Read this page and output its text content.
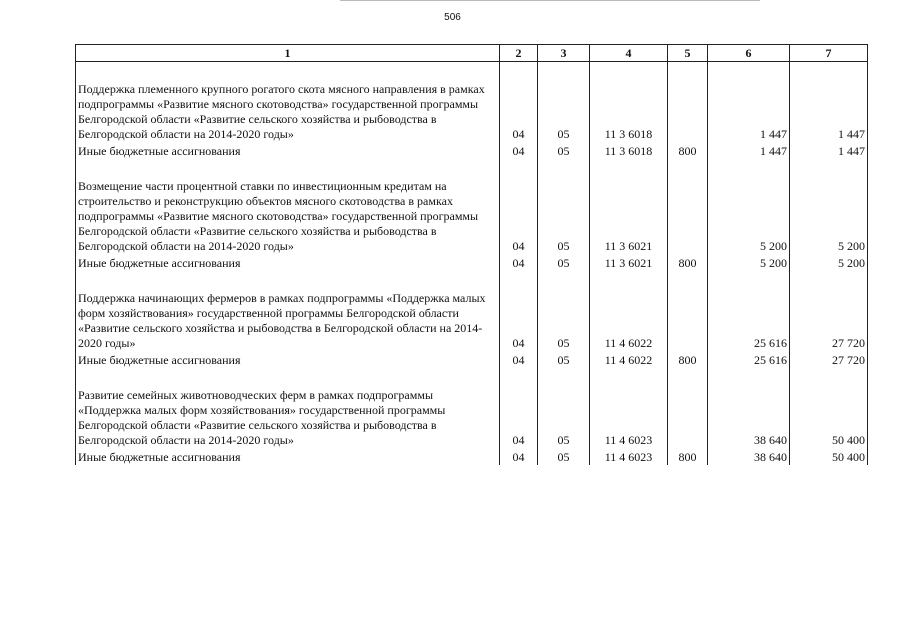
506
1	2	3	4	5	6	7
Поддержка племенного крупного рогатого скота мясного направления в рамках подпрограммы «Развитие мясного скотоводства» государственной программы Белгородской области «Развитие сельского хозяйства и рыбоводства в Белгородской области на 2014-2020 годы»	04	05	11 3 6018		1 447	1 447
Иные бюджетные ассигнования	04	05	11 3 6018	800	1 447	1 447
Возмещение части процентной ставки по инвестиционным кредитам на строительство и реконструкцию объектов мясного скотоводства в рамках подпрограммы «Развитие мясного скотоводства» государственной программы Белгородской области «Развитие сельского хозяйства и рыбоводства в Белгородской области на 2014-2020 годы»	04	05	11 3 6021		5 200	5 200
Иные бюджетные ассигнования	04	05	11 3 6021	800	5 200	5 200
Поддержка начинающих фермеров в рамках подпрограммы «Поддержка малых форм хозяйствования» государственной программы Белгородской области «Развитие сельского хозяйства и рыбоводства в Белгородской области на 2014-2020 годы»	04	05	11 4 6022		25 616	27 720
Иные бюджетные ассигнования	04	05	11 4 6022	800	25 616	27 720
Развитие семейных животноводческих ферм в рамках подпрограммы «Поддержка малых форм хозяйствования» государственной программы Белгородской области «Развитие сельского хозяйства и рыбоводства в Белгородской области на 2014-2020 годы»	04	05	11 4 6023		38 640	50 400
Иные бюджетные ассигнования	04	05	11 4 6023	800	38 640	50 400
